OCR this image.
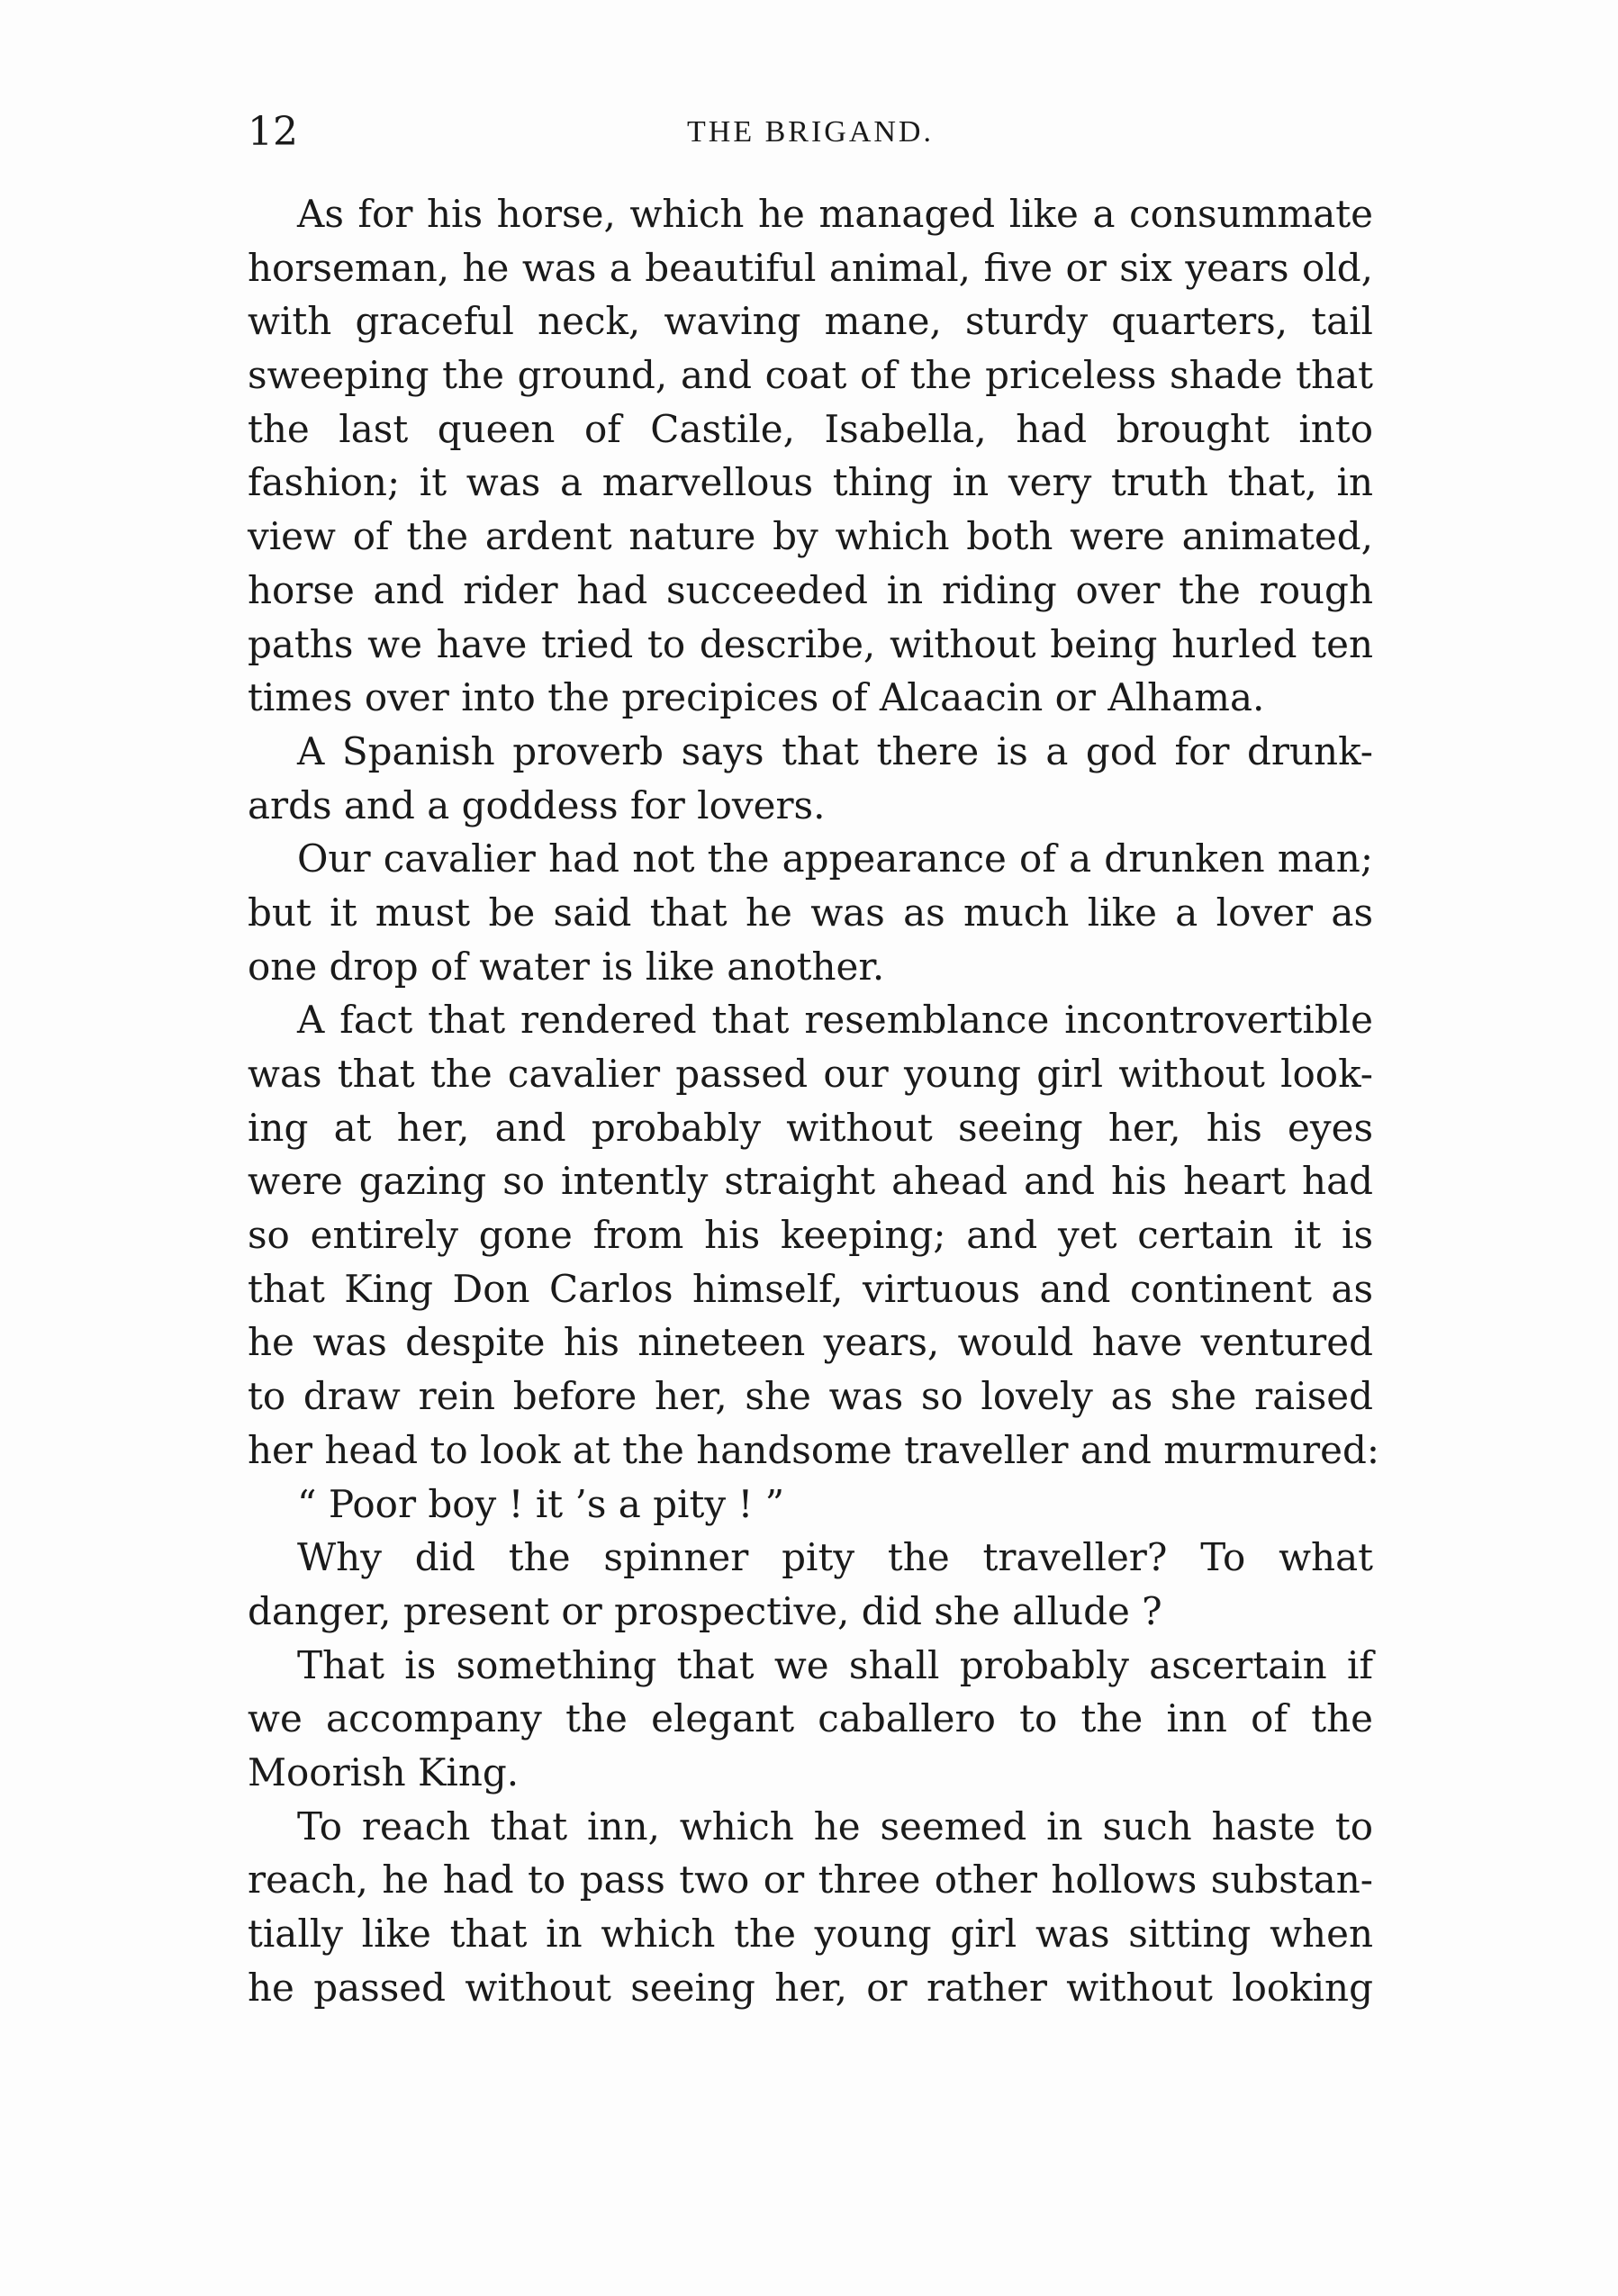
12	THE BRIGAND.

As for his horse, which he managed like a consummate
horseman, he was a beautiful animal, five or six years old,
with graceful neck, waving mane, sturdy quarters, tail
sweeping the ground, and coat of the priceless shade that
the last queen of Castile, Isabella, had brought into
fashion; it was a marvellous thing in very truth that, in
view of the ardent nature by which both were animated,
horse and rider had succeeded in riding over the rough
paths we have tried to describe, without being hurled ten
times over into the precipices of Alcaacin or Alhama.

A Spanish proverb says that there is a god for drunk-
ards and a goddess for lovers.

Our cavalier had not the appearance of a drunken man;
but it must be said that he was as much like a lover as
one drop of water is like another.

A fact that rendered that resemblance incontrovertible
was that the cavalier passed our young girl without look-
ing at her, and probably without seeing her, his eyes
were gazing so intently straight ahead and his heart had
so entirely gone from his keeping; and yet certain it is
that King Don Carlos himself, virtuous and continent as
he was despite his nineteen years, would have ventured
to draw rein before her, she was so lovely as she raised
her head to look at the handsome traveller and murmured:

“ Poor boy ! it ’s a pity ! ”

Why did the spinner pity the traveller? To what
danger, present or prospective, did she allude ?

That is something that we shall probably ascertain if
we accompany the elegant caballero to the inn of the
Moorish King.

To reach that inn, which he seemed in such haste to
reach, he had to pass two or three other hollows substan-
tially like that in which the young girl was sitting when
he passed without seeing her, or rather without looking
